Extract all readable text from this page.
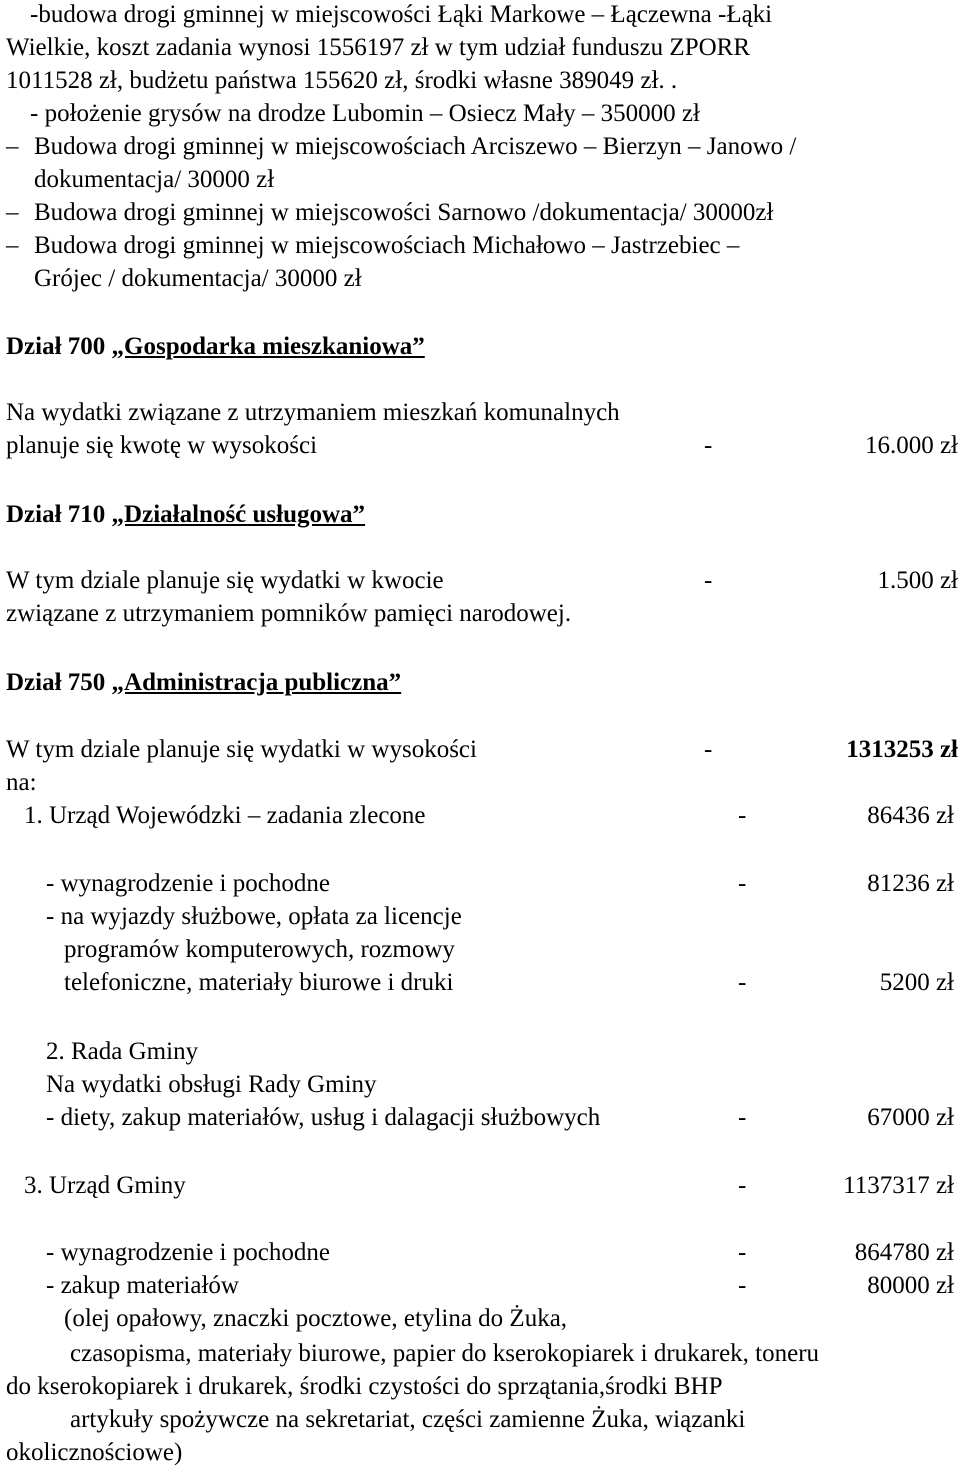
-budowa drogi gminnej w miejscowości Łąki Markowe – Łączewna -Łąki
Wielkie, koszt zadania wynosi 1556197 zł w tym udział funduszu ZPORR
1011528 zł, budżetu państwa 155620 zł, środki własne 389049 zł. .
- położenie grysów na drodze Lubomin – Osiecz Mały – 350000 zł
– Budowa drogi gminnej w miejscowościach Arciszewo – Bierzyn – Janowo /
dokumentacja/ 30000 zł
– Budowa drogi gminnej w miejscowości Sarnowo /dokumentacja/ 30000zł
– Budowa drogi gminnej w miejscowościach Michałowo – Jastrzebiec –
Grójec / dokumentacja/ 30000 zł
Dział 700 „Gospodarka mieszkaniowa”
Na wydatki związane z utrzymaniem mieszkań komunalnych
planuje się kwotę w wysokości	-	16.000 zł
Dział 710 „Działalność usługowa”
W tym dziale planuje się wydatki w kwocie	-	1.500 zł
związane z utrzymaniem pomników pamięci narodowej.
Dział 750 „Administracja publiczna”
W tym dziale planuje się wydatki w wysokości	-	1313253 zł
na:
1. Urząd Wojewódzki – zadania zlecone	-	86436 zł
- wynagrodzenie i pochodne	-	81236 zł
- na wyjazdy służbowe, opłata za licencje
programów komputerowych, rozmowy
telefoniczne, materiały biurowe i druki	-	5200 zł
2. Rada Gminy
Na wydatki obsługi Rady Gminy
- diety, zakup materiałów, usług i dalagacji służbowych	-	67000 zł
3. Urząd Gminy	-	1137317 zł
- wynagrodzenie i pochodne	-	864780 zł
- zakup materiałów	-	80000 zł
(olej opałowy, znaczki pocztowe, etylina do Żuka,
czasopisma, materiały biurowe, papier do kserokopiarek i drukarek, toneru
do kserokopiarek i drukarek, środki czystości do sprzątania,środki BHP
artykuły spożywcze na sekretariat, części zamienne Żuka, wiązanki
okolicznościowe)
